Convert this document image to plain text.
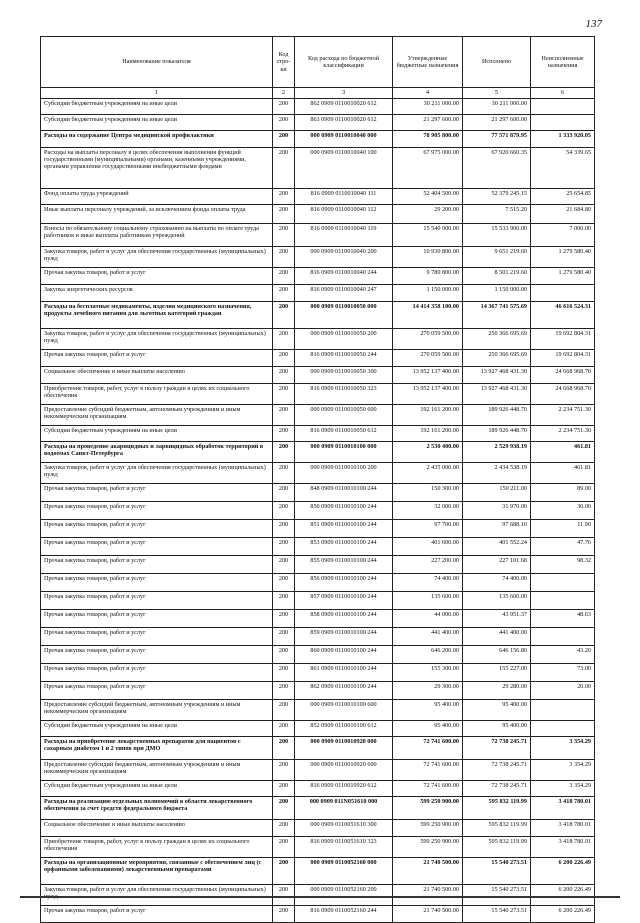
137
Наименование показателя	Код стро-ки	Код расхода по бюджетной классификации	Утвержденные бюджетные назначения	Исполнено	Неисполненные назначения
1	2	3	4	5	6
Субсидии бюджетным учреждениям на иные цели	200	862 0909 0110010020 612	30 211 000.00	30 211 000.00	
Субсидии бюджетным учреждениям на иные цели	200	863 0909 0110010020 612	21 297 600.00	21 297 600.00	
Расходы на содержание Центра медицинской профилактики	200	000 0909 0110010040 000	78 905 800.00	77 571 879.95	1 333 920.05
Расходы на выплаты персоналу в целях обеспечения выполнения функций государственными (муниципальными) органами, казенными учреждениями, органами управления государственными внебюджетными фондами	200	000 0909 0110010040 100	67 975 000.00	67 920 660.35	54 339.65
Фонд оплаты труда учреждений	200	816 0909 0110010040 111	52 404 500.00	52 379 245.15	25 654.85
Иные выплаты персоналу учреждений, за исключением фонда оплаты труда	200	816 0909 0110010040 112	29 200.00	7 515.20	21 684.80
Взносы по обязательному социальному страхованию на выплаты по оплате труда работников и иные выплаты работникам учреждений	200	816 0909 0110010040 119	15 540 900.00	15 533 900.00	7 000.00
Закупка товаров, работ и услуг для обеспечения государственных (муниципальных) нужд	200	000 0909 0110010040 200	10 930 800.00	9 651 219.60	1 279 580.40
Прочая закупка товаров, работ и услуг	200	816 0909 0110010040 244	9 780 800.00	8 501 219.60	1 279 580.40
Закупка энергетических ресурсов	200	816 0909 0110010040 247	1 150 000.00	1 150 000.00	
Расходы на бесплатные медикаменты, изделия медицинского назначения, продукты лечебного питания для льготных категорий граждан	200	000 0909 0110010050 000	14 414 358 100.00	14 367 741 575.69	46 616 524.31
Закупка товаров, работ и услуг для обеспечения государственных (муниципальных) нужд	200	000 0909 0110010050 200	270 059 500.00	250 366 695.69	19 692 804.31
Прочая закупка товаров, работ и услуг	200	816 0909 0110010050 244	270 059 500.00	250 366 695.69	19 692 804.31
Социальное обеспечение и иные выплаты населению	200	000 0909 0110010050 300	13 952 137 400.00	13 927 468 431.30	24 668 968.70
Приобретение товаров, работ, услуг в пользу граждан в целях их социального обеспечения	200	816 0909 0110010050 323	13 952 137 400.00	13 927 468 431.30	24 668 968.70
Предоставление субсидий бюджетным, автономным учреждениям и иным некоммерческим организациям	200	000 0909 0110010050 600	192 161 200.00	189 926 448.70	2 234 751.30
Субсидии бюджетным учреждениям на иные цели	200	816 0909 0110010050 612	192 161 200.00	189 926 448.70	2 234 751.30
Расходы на проведение акарицидных и ларвицидных обработок территорий в водоемах Санкт-Петербурга	200	000 0909 0110010100 000	2 530 400.00	2 529 938.19	461.81
Закупка товаров, работ и услуг для обеспечения государственных (муниципальных) нужд	200	000 0909 0110010100 200	2 435 000.00	2 434 538.19	461.81
Прочая закупка товаров, работ и услуг	200	848 0909 0110010100 244	150 300.00	150 211.00	89.00
Прочая закупка товаров, работ и услуг	200	850 0909 0110010100 244	32 000.00	31 970.00	30.00
Прочая закупка товаров, работ и услуг	200	851 0909 0110010100 244	97 700.00	97 688.10	11.90
Прочая закупка товаров, работ и услуг	200	853 0909 0110010100 244	401 600.00	401 552.24	47.76
Прочая закупка товаров, работ и услуг	200	855 0909 0110010100 244	227 200.00	227 101.68	98.32
Прочая закупка товаров, работ и услуг	200	856 0909 0110010100 244	74 400.00	74 400.00	
Прочая закупка товаров, работ и услуг	200	857 0909 0110010100 244	135 600.00	135 600.00	
Прочая закупка товаров, работ и услуг	200	858 0909 0110010100 244	44 000.00	43 951.37	48.63
Прочая закупка товаров, работ и услуг	200	859 0909 0110010100 244	441 400.00	441 400.00	
Прочая закупка товаров, работ и услуг	200	860 0909 0110010100 244	646 200.00	646 156.80	43.20
Прочая закупка товаров, работ и услуг	200	861 0909 0110010100 244	155 300.00	155 227.00	73.00
Прочая закупка товаров, работ и услуг	200	862 0909 0110010100 244	29 300.00	29 280.00	20.00
Предоставление субсидий бюджетным, автономным учреждениям и иным некоммерческим организациям	200	000 0909 0110010100 600	95 400.00	95 400.00	
Субсидии бюджетным учреждениям на иные цели	200	852 0909 0110010100 612	95 400.00	95 400.00	
Расходы на приобретение лекарственных препаратов для пациентов с сахарным диабетом 1 и 2 типов при ДМО	200	000 0909 0110010920 000	72 741 600.00	72 738 245.71	3 354.29
Предоставление субсидий бюджетным, автономным учреждениям и иным некоммерческим организациям	200	000 0909 0110010920 600	72 741 600.00	72 738 245.71	3 354.29
Субсидии бюджетным учреждениям на иные цели	200	816 0909 0110010920 612	72 741 600.00	72 738 245.71	3 354.29
Расходы на реализацию отдельных полномочий в области лекарственного обеспечения за счет средств федерального бюджета	200	000 0909 011N051610 000	599 250 900.00	595 832 119.99	3 418 780.01
Социальное обеспечение и иные выплаты населению	200	000 0909 0110051610 300	599 250 900.00	595 832 119.99	3 418 780.01
Приобретение товаров, работ, услуг в пользу граждан в целях их социального обеспечения	200	816 0909 0110051610 323	599 250 900.00	595 832 119.99	3 418 780.01
Расходы на организационные мероприятия, связанные с обеспечением лиц (с орфанными заболеваниями) лекарственными препаратами	200	000 0909 0110052160 000	21 740 500.00	15 540 273.51	6 200 226.49
Закупка товаров, работ и услуг для обеспечения государственных (муниципальных)	200	000 0909 0110052160 200	21 740 500.00	15 540 273.51	6 200 226.49
Прочая закупка товаров, работ и услуг	200	816 0909 0110052160 244	21 740 500.00	15 540 273.51	6 200 226.49
